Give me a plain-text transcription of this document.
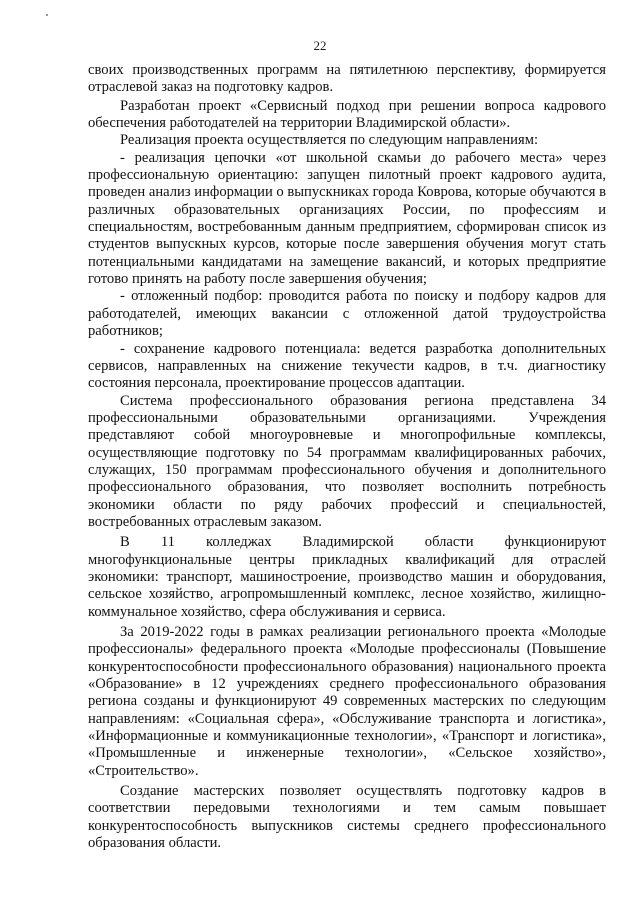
22

своих производственных программ на пятилетнюю перспективу, формируется отраслевой заказ на подготовку кадров.

Разработан проект «Сервисный подход при решении вопроса кадрового обеспечения работодателей на территории Владимирской области».

Реализация проекта осуществляется по следующим направлениям:

- реализация цепочки «от школьной скамьи до рабочего места» через профессиональную ориентацию: запущен пилотный проект кадрового аудита, проведен анализ информации о выпускниках города Коврова, которые обучаются в различных образовательных организациях России, по профессиям и специальностям, востребованным данным предприятием, сформирован список из студентов выпускных курсов, которые после завершения обучения могут стать потенциальными кандидатами на замещение вакансий, и которых предприятие готово принять на работу после завершения обучения;

- отложенный подбор: проводится работа по поиску и подбору кадров для работодателей, имеющих вакансии с отложенной датой трудоустройства работников;

- сохранение кадрового потенциала: ведется разработка дополнительных сервисов, направленных на снижение текучести кадров, в т.ч. диагностику состояния персонала, проектирование процессов адаптации.

Система профессионального образования региона представлена 34 профессиональными образовательными организациями. Учреждения представляют собой многоуровневые и многопрофильные комплексы, осуществляющие подготовку по 54 программам квалифицированных рабочих, служащих, 150 программам профессионального обучения и дополнительного профессионального образования, что позволяет восполнить потребность экономики области по ряду рабочих профессий и специальностей, востребованных отраслевым заказом.

В 11 колледжах Владимирской области функционируют многофункциональные центры прикладных квалификаций для отраслей экономики: транспорт, машиностроение, производство машин и оборудования, сельское хозяйство, агропромышленный комплекс, лесное хозяйство, жилищно-коммунальное хозяйство, сфера обслуживания и сервиса.

За 2019-2022 годы в рамках реализации регионального проекта «Молодые профессионалы» федерального проекта «Молодые профессионалы (Повышение конкурентоспособности профессионального образования) национального проекта «Образование» в 12 учреждениях среднего профессионального образования региона созданы и функционируют 49 современных мастерских по следующим направлениям: «Социальная сфера», «Обслуживание транспорта и логистика», «Информационные и коммуникационные технологии», «Транспорт и логистика», «Промышленные и инженерные технологии», «Сельское хозяйство», «Строительство».

Создание мастерских позволяет осуществлять подготовку кадров в соответствии передовыми технологиями и тем самым повышает конкурентоспособность выпускников системы среднего профессионального образования области.
